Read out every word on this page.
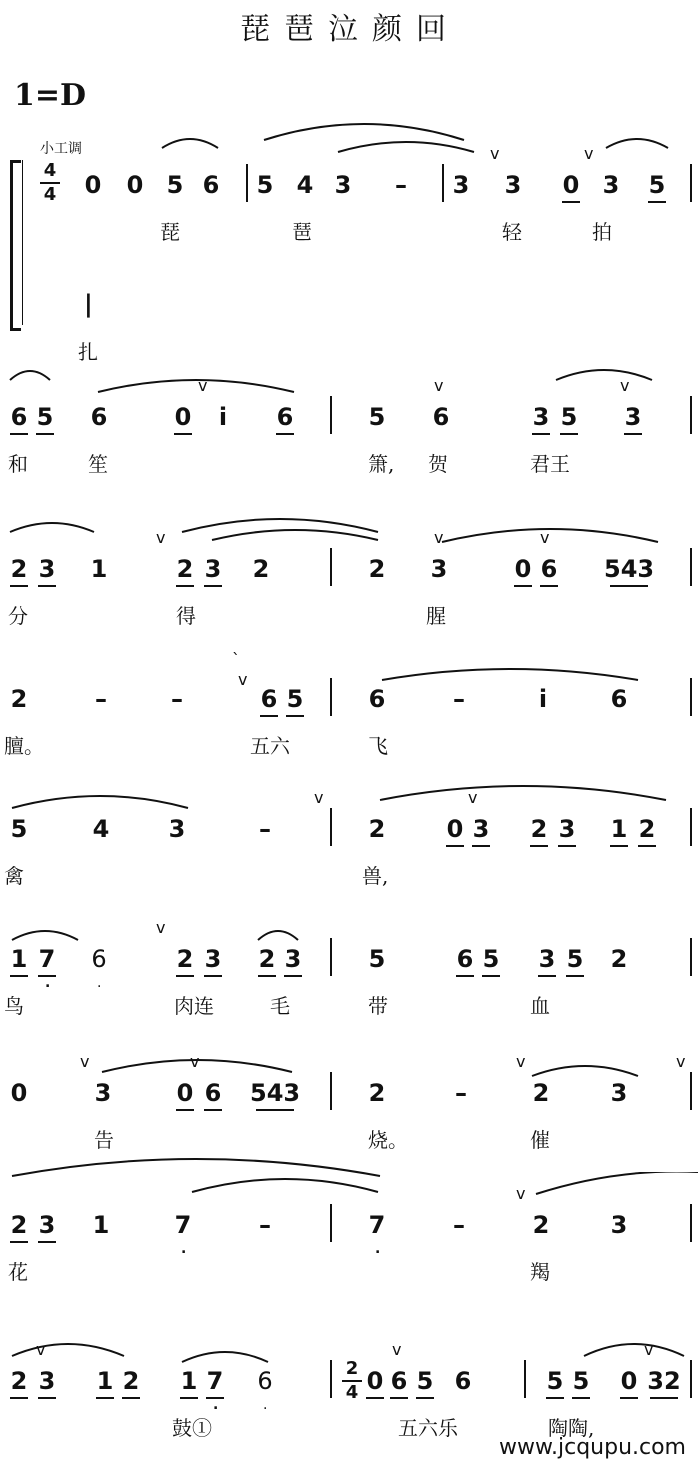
琵琶泣颜回
1=D
小工调
4
4
|
扎
0 0 5 6 5 4 3	–	3 3 0 3 5
v	v
琵	琶	轻	拍
6 5 6	0	i	6	5 6	3 5 3
v	v	v
和	笙	箫, 贺	君王
2 3 1	2 3 2	2 3	0 6 543
v	v	v
分	得	腥
2	–	–	6 5	6	–	i	6
ˋ
v
膻。	五六	飞
5	4 3	–	2	0 3 2 3 1 2
v	v
禽	兽,
1 7
.
6
.
2 3 2 3	5	6 5 3 5 2
v
鸟	肉连	毛	带	血
0	3	0 6 543	2	–	2	3
v	v	v	v
告	烧。	催
2 3 1	7
.
–	7
.
–	2	3
v
花	羯
2 3 1 2 1 7
.
6
.
2
4 0 6 5 6	5 5 0 32
v	v	v
鼓①	五六乐	陶陶,
www.jcqupu.com
